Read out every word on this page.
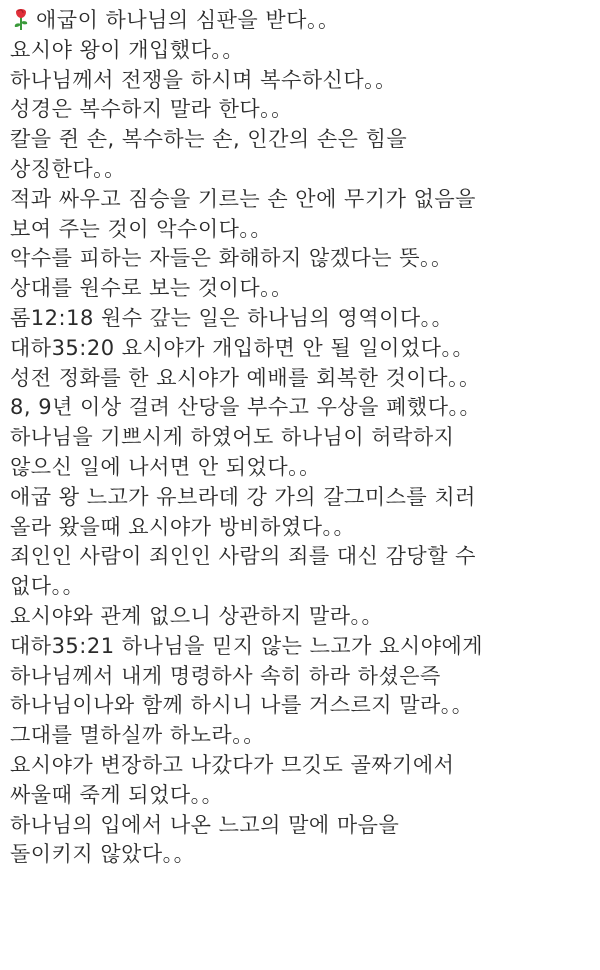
애굽이 하나님의 심판을 받다。。
요시야 왕이 개입했다。。
하나님께서 전쟁을 하시며 복수하신다。。
성경은 복수하지 말라 한다。。
칼을 쥔 손, 복수하는 손, 인간의 손은 힘을
상징한다。。
적과 싸우고 짐승을 기르는 손 안에 무기가 없음을
보여 주는 것이 악수이다。。
악수를 피하는 자들은 화해하지 않겠다는 뜻。。
상대를 원수로 보는 것이다。。
롬12:18 원수 갚는 일은 하나님의 영역이다。。
대하35:20 요시야가 개입하면 안 될 일이었다。。
성전 정화를 한 요시야가 예배를 회복한 것이다。。
8, 9년 이상 걸려 산당을 부수고 우상을 폐했다。。
하나님을 기쁘시게 하였어도 하나님이 허락하지
않으신 일에 나서면 안 되었다。。
애굽 왕 느고가 유브라데 강 가의 갈그미스를 치러
올라 왔을때 요시야가 방비하였다。。
죄인인 사람이 죄인인 사람의 죄를 대신 감당할 수
없다。。
요시야와 관계 없으니 상관하지 말라。。
대하35:21 하나님을 믿지 않는 느고가 요시야에게
하나님께서 내게 명령하사 속히 하라 하셨은즉
하나님이나와 함께 하시니 나를 거스르지 말라。。
그대를 멸하실까 하노라。。
요시야가 변장하고 나갔다가 므깃도 골짜기에서
싸울때 죽게 되었다。。
하나님의 입에서 나온 느고의 말에 마음을
돌이키지 않았다。。
